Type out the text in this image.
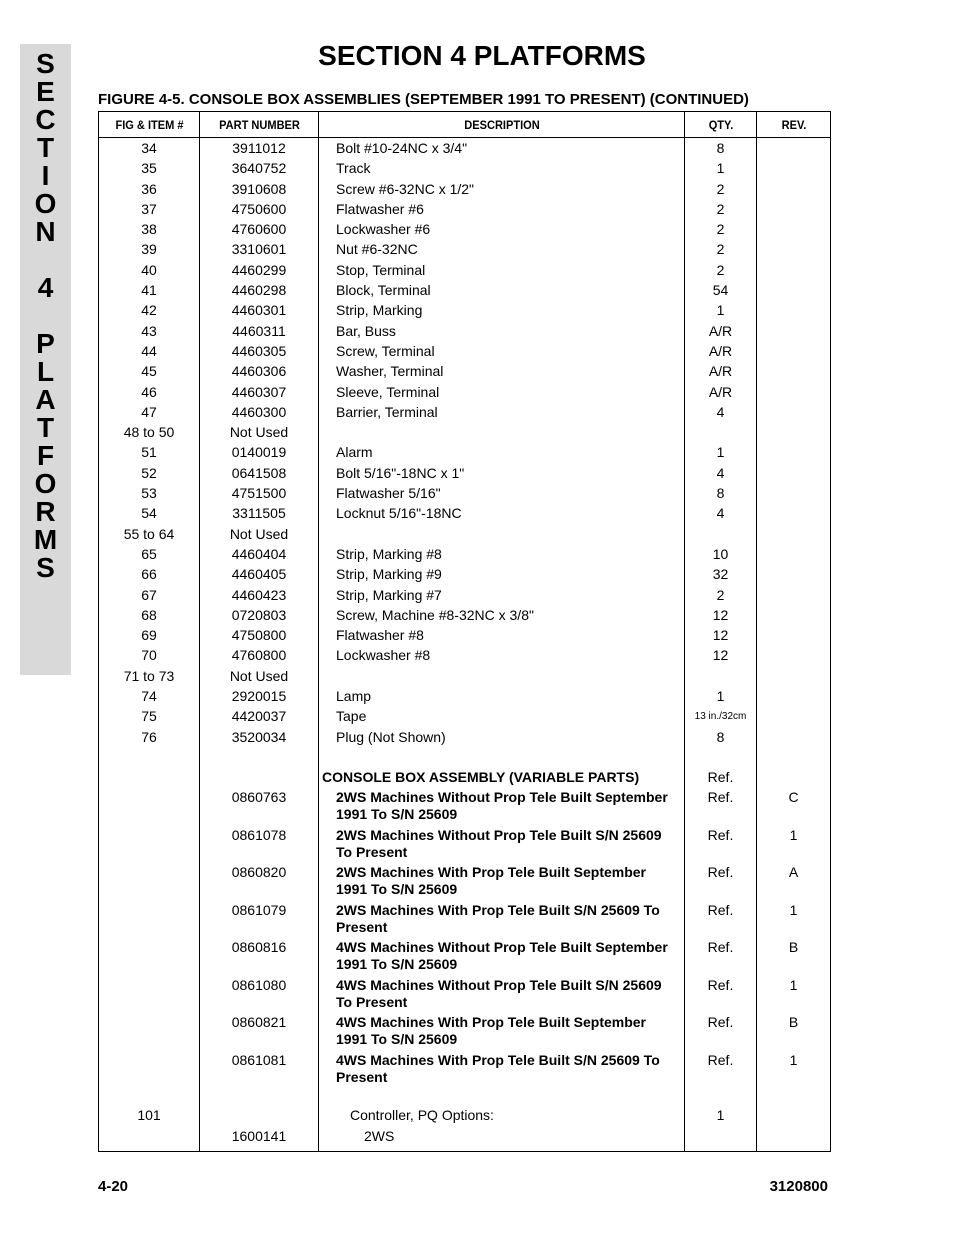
S
E
C
T
I
O
N
4
P
L
A
T
F
O
R
M
S
SECTION 4 PLATFORMS
FIGURE 4-5. CONSOLE BOX ASSEMBLIES (SEPTEMBER 1991 TO PRESENT) (CONTINUED)
FIG & ITEM #	PART NUMBER	DESCRIPTION	QTY.	REV.
34	3911012	Bolt #10-24NC x 3/4"	8	
35	3640752	Track	1	
36	3910608	Screw #6-32NC x 1/2"	2	
37	4750600	Flatwasher #6	2	
38	4760600	Lockwasher #6	2	
39	3310601	Nut #6-32NC	2	
40	4460299	Stop, Terminal	2	
41	4460298	Block, Terminal	54	
42	4460301	Strip, Marking	1	
43	4460311	Bar, Buss	A/R	
44	4460305	Screw, Terminal	A/R	
45	4460306	Washer, Terminal	A/R	
46	4460307	Sleeve, Terminal	A/R	
47	4460300	Barrier, Terminal	4	
48 to 50	Not Used			
51	0140019	Alarm	1	
52	0641508	Bolt 5/16"-18NC x 1"	4	
53	4751500	Flatwasher 5/16"	8	
54	3311505	Locknut 5/16"-18NC	4	
55 to 64	Not Used			
65	4460404	Strip, Marking #8	10	
66	4460405	Strip, Marking #9	32	
67	4460423	Strip, Marking #7	2	
68	0720803	Screw, Machine #8-32NC x 3/8"	12	
69	4750800	Flatwasher #8	12	
70	4760800	Lockwasher #8	12	
71 to 73	Not Used			
74	2920015	Lamp	1	
75	4420037	Tape	13 in./32cm	
76	3520034	Plug (Not Shown)	8	

		CONSOLE BOX ASSEMBLY (VARIABLE PARTS)	Ref.	
	0860763	2WS Machines Without Prop Tele Built September 1991 To S/N 25609	Ref.	C
	0861078	2WS Machines Without Prop Tele Built S/N 25609 To Present	Ref.	1
	0860820	2WS Machines With Prop Tele Built September 1991 To S/N 25609	Ref.	A
	0861079	2WS Machines With Prop Tele Built S/N 25609 To Present	Ref.	1
	0860816	4WS Machines Without Prop Tele Built September 1991 To S/N 25609	Ref.	B
	0861080	4WS Machines Without Prop Tele Built S/N 25609 To Present	Ref.	1
	0860821	4WS Machines With Prop Tele Built September 1991 To S/N 25609	Ref.	B
	0861081	4WS Machines With Prop Tele Built S/N 25609 To Present	Ref.	1

101		Controller, PQ Options:	1	
	1600141	2WS		
4-20	3120800
